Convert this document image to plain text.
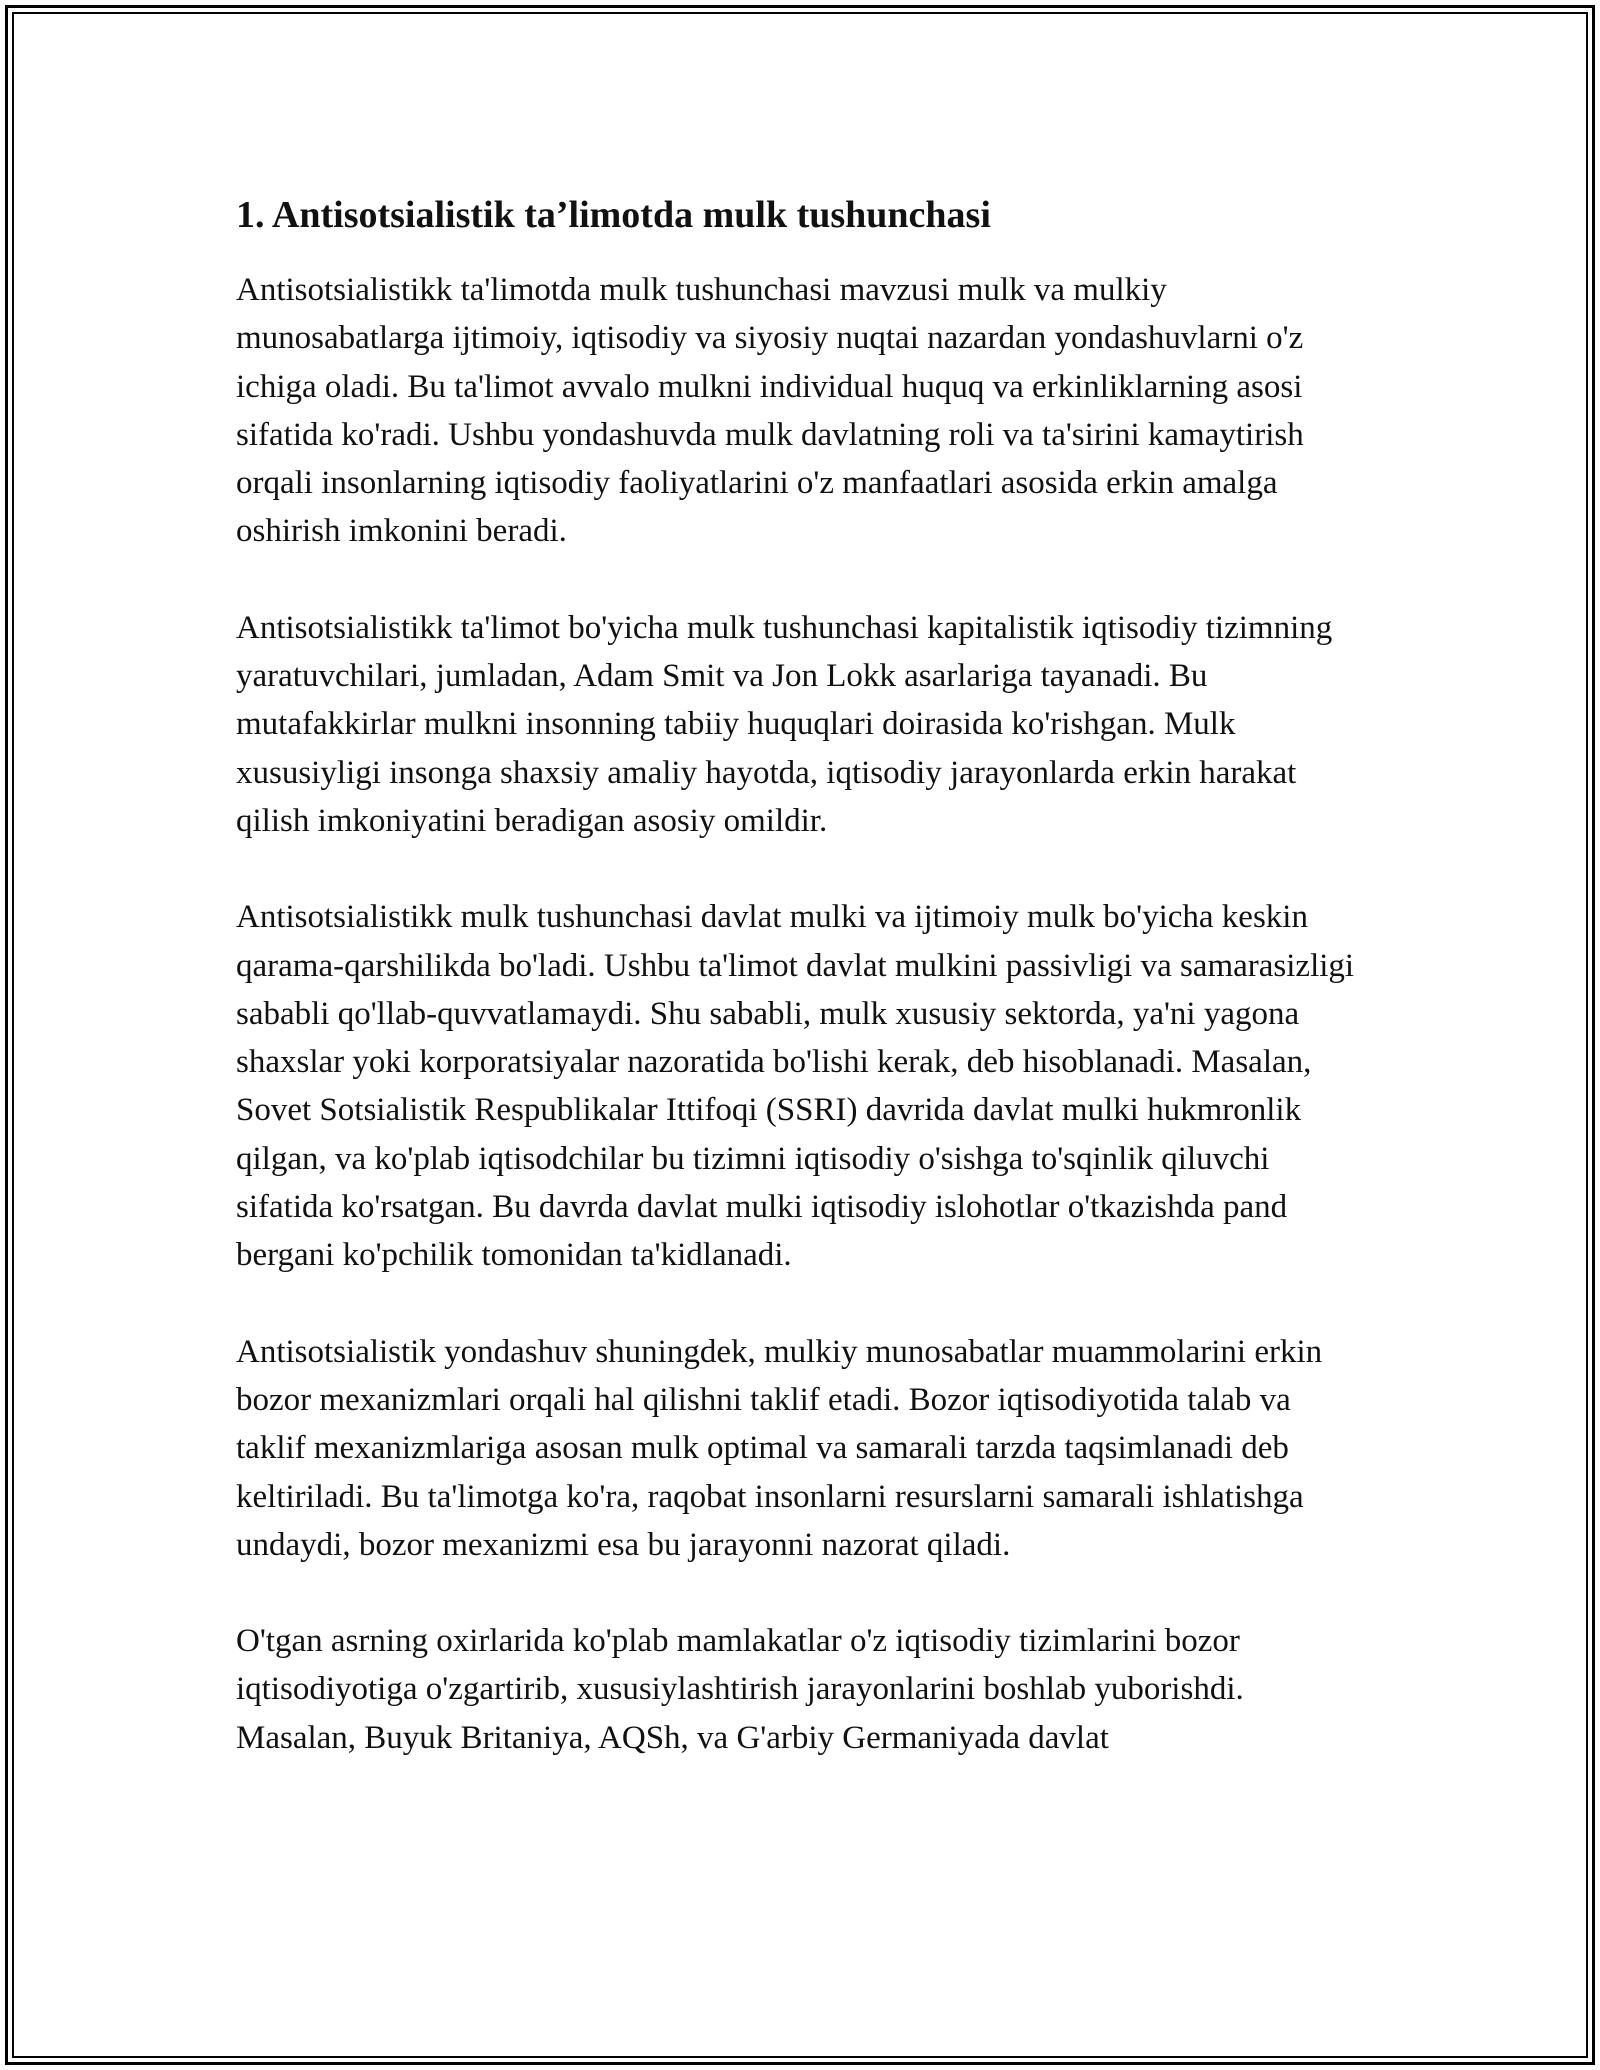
1. Antisotsialistik ta’limotda mulk tushunchasi

Antisotsialistikk ta'limotda mulk tushunchasi mavzusi mulk va mulkiy munosabatlarga ijtimoiy, iqtisodiy va siyosiy nuqtai nazardan yondashuvlarni o'z ichiga oladi. Bu ta'limot avvalo mulkni individual huquq va erkinliklarning asosi sifatida ko'radi. Ushbu yondashuvda mulk davlatning roli va ta'sirini kamaytirish orqali insonlarning iqtisodiy faoliyatlarini o'z manfaatlari asosida erkin amalga oshirish imkonini beradi.

Antisotsialistikk ta'limot bo'yicha mulk tushunchasi kapitalistik iqtisodiy tizimning yaratuvchilari, jumladan, Adam Smit va Jon Lokk asarlariga tayanadi. Bu mutafakkirlar mulkni insonning tabiiy huquqlari doirasida ko'rishgan. Mulk xususiyligi insonga shaxsiy amaliy hayotda, iqtisodiy jarayonlarda erkin harakat qilish imkoniyatini beradigan asosiy omildir.

Antisotsialistikk mulk tushunchasi davlat mulki va ijtimoiy mulk bo'yicha keskin qarama-qarshilikda bo'ladi. Ushbu ta'limot davlat mulkini passivligi va samarasizligi sababli qo'llab-quvvatlamaydi. Shu sababli, mulk xususiy sektorda, ya'ni yagona shaxslar yoki korporatsiyalar nazoratida bo'lishi kerak, deb hisoblanadi. Masalan, Sovet Sotsialistik Respublikalar Ittifoqi (SSRI) davrida davlat mulki hukmronlik qilgan, va ko'plab iqtisodchilar bu tizimni iqtisodiy o'sishga to'sqinlik qiluvchi sifatida ko'rsatgan. Bu davrda davlat mulki iqtisodiy islohotlar o'tkazishda pand bergani ko'pchilik tomonidan ta'kidlanadi.

Antisotsialistik yondashuv shuningdek, mulkiy munosabatlar muammolarini erkin bozor mexanizmlari orqali hal qilishni taklif etadi. Bozor iqtisodiyotida talab va taklif mexanizmlariga asosan mulk optimal va samarali tarzda taqsimlanadi deb keltiriladi. Bu ta'limotga ko'ra, raqobat insonlarni resurslarni samarali ishlatishga undaydi, bozor mexanizmi esa bu jarayonni nazorat qiladi.

O'tgan asrning oxirlarida ko'plab mamlakatlar o'z iqtisodiy tizimlarini bozor iqtisodiyotiga o'zgartirib, xususiylashtirish jarayonlarini boshlab yuborishdi. Masalan, Buyuk Britaniya, AQSh, va G'arbiy Germaniyada davlat
